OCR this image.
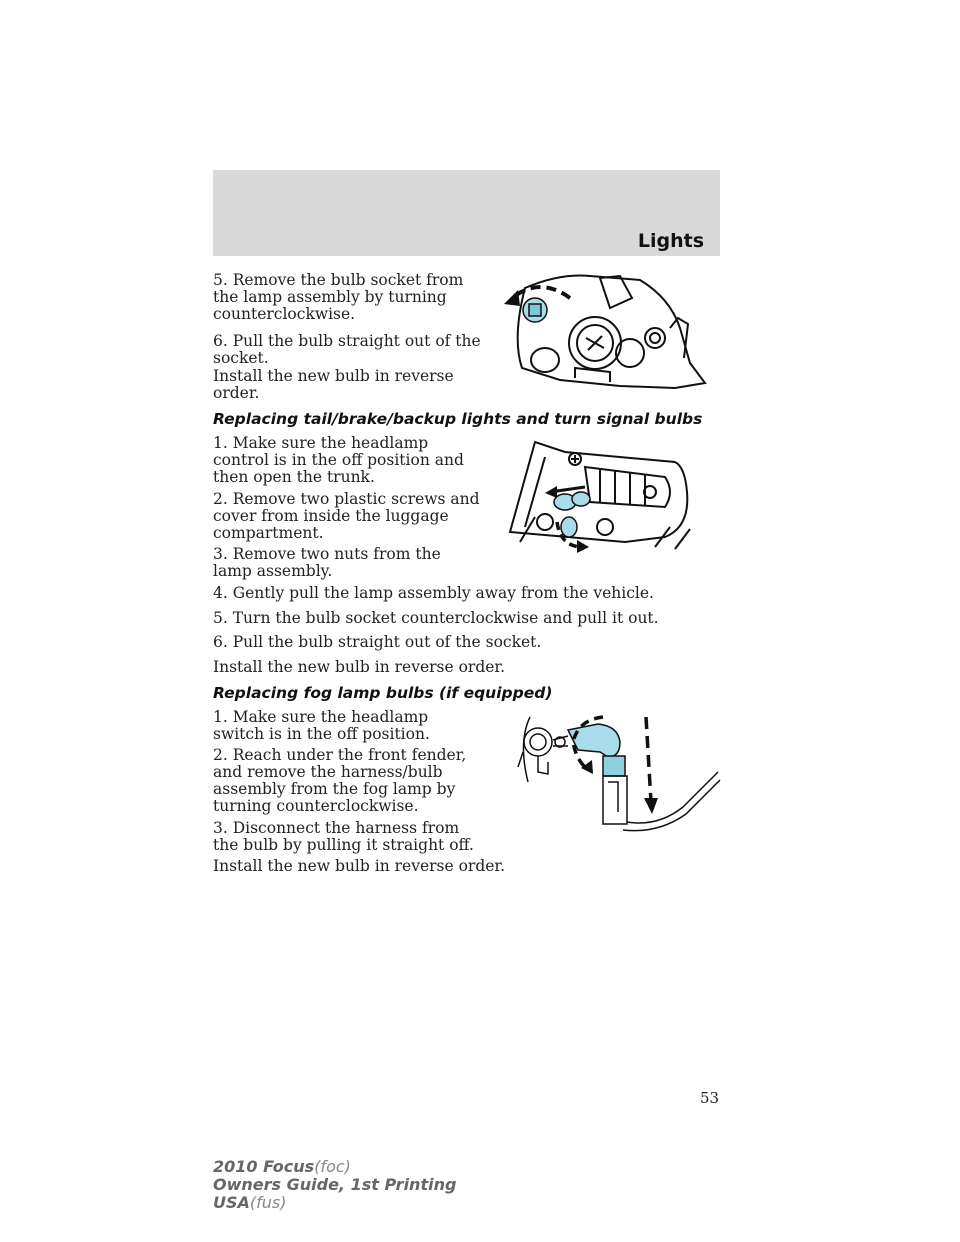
Lights
5. Remove the bulb socket from the lamp assembly by turning counterclockwise.
6. Pull the bulb straight out of the socket.
Install the new bulb in reverse order.
Replacing tail/brake/backup lights and turn signal bulbs
1. Make sure the headlamp control is in the off position and then open the trunk.
2. Remove two plastic screws and cover from inside the luggage compartment.
3. Remove two nuts from the lamp assembly.
4. Gently pull the lamp assembly away from the vehicle.
5. Turn the bulb socket counterclockwise and pull it out.
6. Pull the bulb straight out of the socket.
Install the new bulb in reverse order.
Replacing fog lamp bulbs (if equipped)
1. Make sure the headlamp switch is in the off position.
2. Reach under the front fender, and remove the harness/bulb assembly from the fog lamp by turning counterclockwise.
3. Disconnect the harness from the bulb by pulling it straight off.
Install the new bulb in reverse order.
53
2010 Focus(foc)
Owners Guide, 1st Printing
USA(fus)
